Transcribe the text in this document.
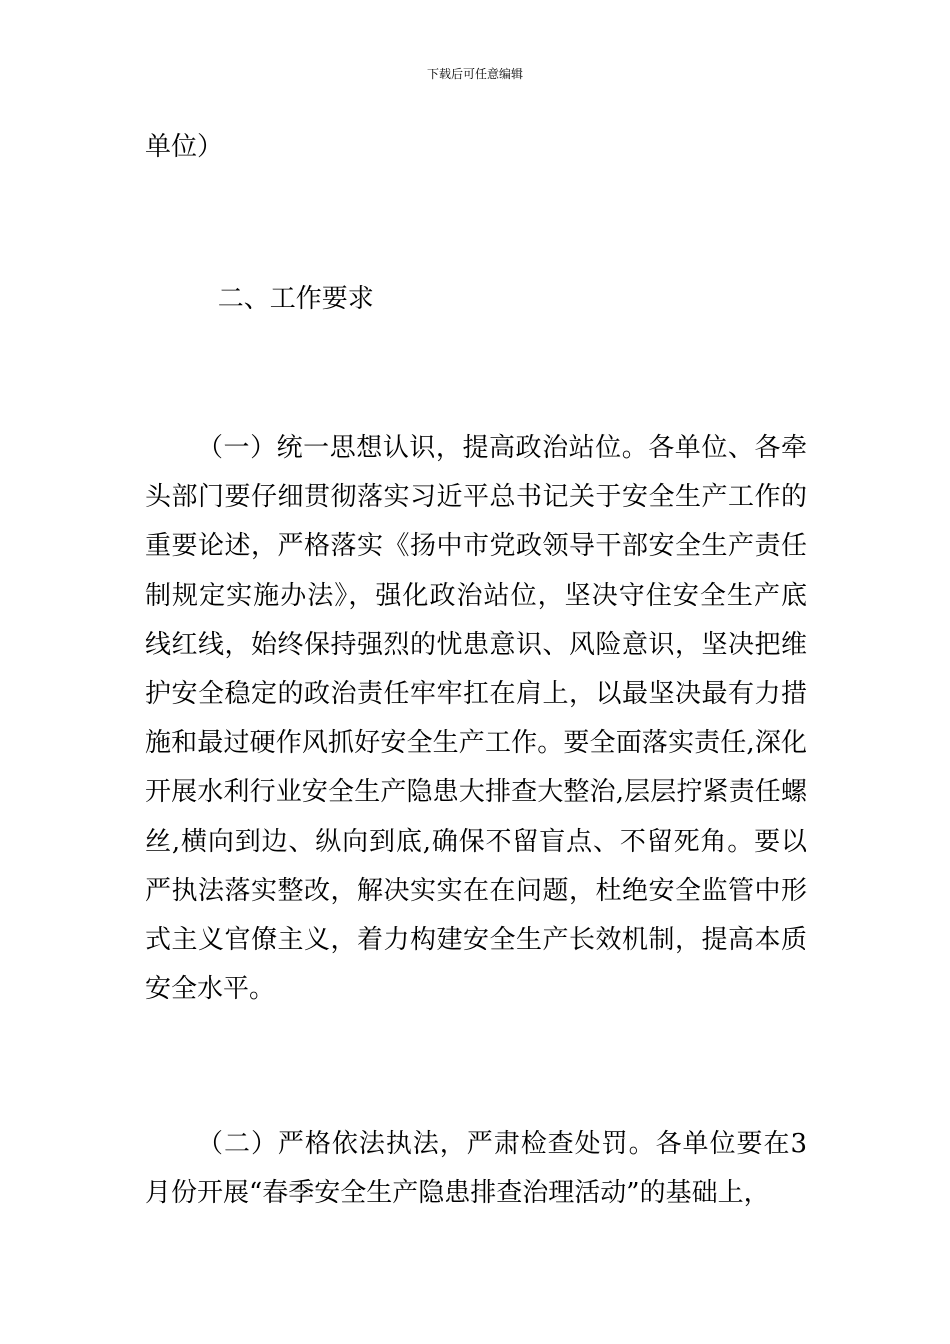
下载后可任意编辑
单位）
二、工作要求

（一）统一思想认识，提高政治站位。各单位、各牵头部门要仔细贯彻落实习近平总书记关于安全生产工作的重要论述，严格落实《扬中市党政领导干部安全生产责任制规定实施办法》，强化政治站位，坚决守住安全生产底线红线，始终保持强烈的忧患意识、风险意识，坚决把维护安全稳定的政治责任牢牢扛在肩上，以最坚决最有力措施和最过硬作风抓好安全生产工作。要全面落实责任,深化开展水利行业安全生产隐患大排查大整治,层层拧紧责任螺丝,横向到边、纵向到底,确保不留盲点、不留死角。要以严执法落实整改，解决实实在在问题，杜绝安全监管中形式主义官僚主义，着力构建安全生产长效机制，提高本质安全水平。

（二）严格依法执法，严肃检查处罚。各单位要在3月份开展“春季安全生产隐患排查治理活动”的基础上，
